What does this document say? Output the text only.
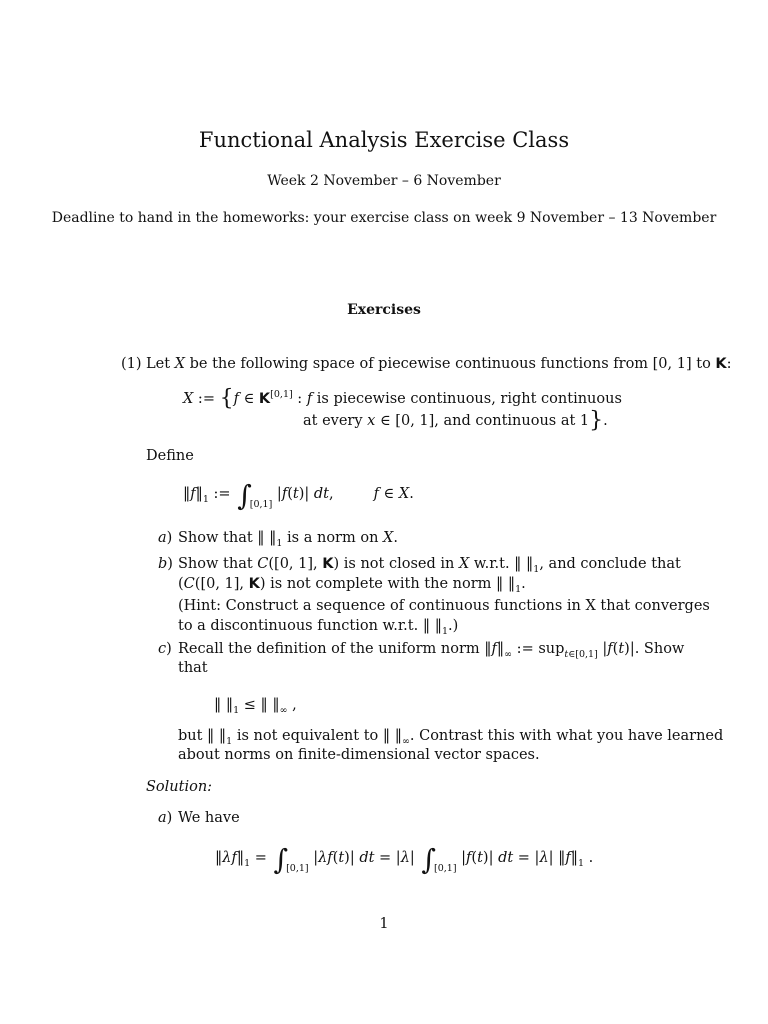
Functional Analysis Exercise Class
Week 2 November – 6 November
Deadline to hand in the homeworks: your exercise class on week 9 November – 13 November
Exercises
(1) Let X be the following space of piecewise continuous functions from [0, 1] to K:
X := {f ∈ K[0,1] : f is piecewise continuous, right continuous
at every x ∈ [0, 1], and continuous at 1}.
Define
$‖f‖_1$ := $\int_{[0,1]}$ |f(t)| dt,	f ∈ X.
a) Show that ‖ $‖_1$ is a norm on X.
b) Show that C([0, 1], K) is not closed in X w.r.t. ‖ $‖_1$, and conclude that
(C([0, 1], K) is not complete with the norm ‖ $‖_1$.
(Hint: Construct a sequence of continuous functions in X that converges
to a discontinuous function w.r.t. ‖ $‖_1$.)
c) Recall the definition of the uniform norm $‖f‖_\infty$ := sup$_{t\in[0,1]}$ |f(t)|. Show
that
‖ $‖_1$ ≤ ‖ $‖_\infty$ ,
but ‖ $‖_1$ is not equivalent to ‖ $‖_\infty$. Contrast this with what you have learned
about norms on finite-dimensional vector spaces.
Solution:
a) We have
$‖\lambda f‖_1 = \int_{[0,1]}$ |λf(t)| dt = |λ| $\int_{[0,1]}$ |f(t)| dt = |λ| $‖f‖_1$ .
1
